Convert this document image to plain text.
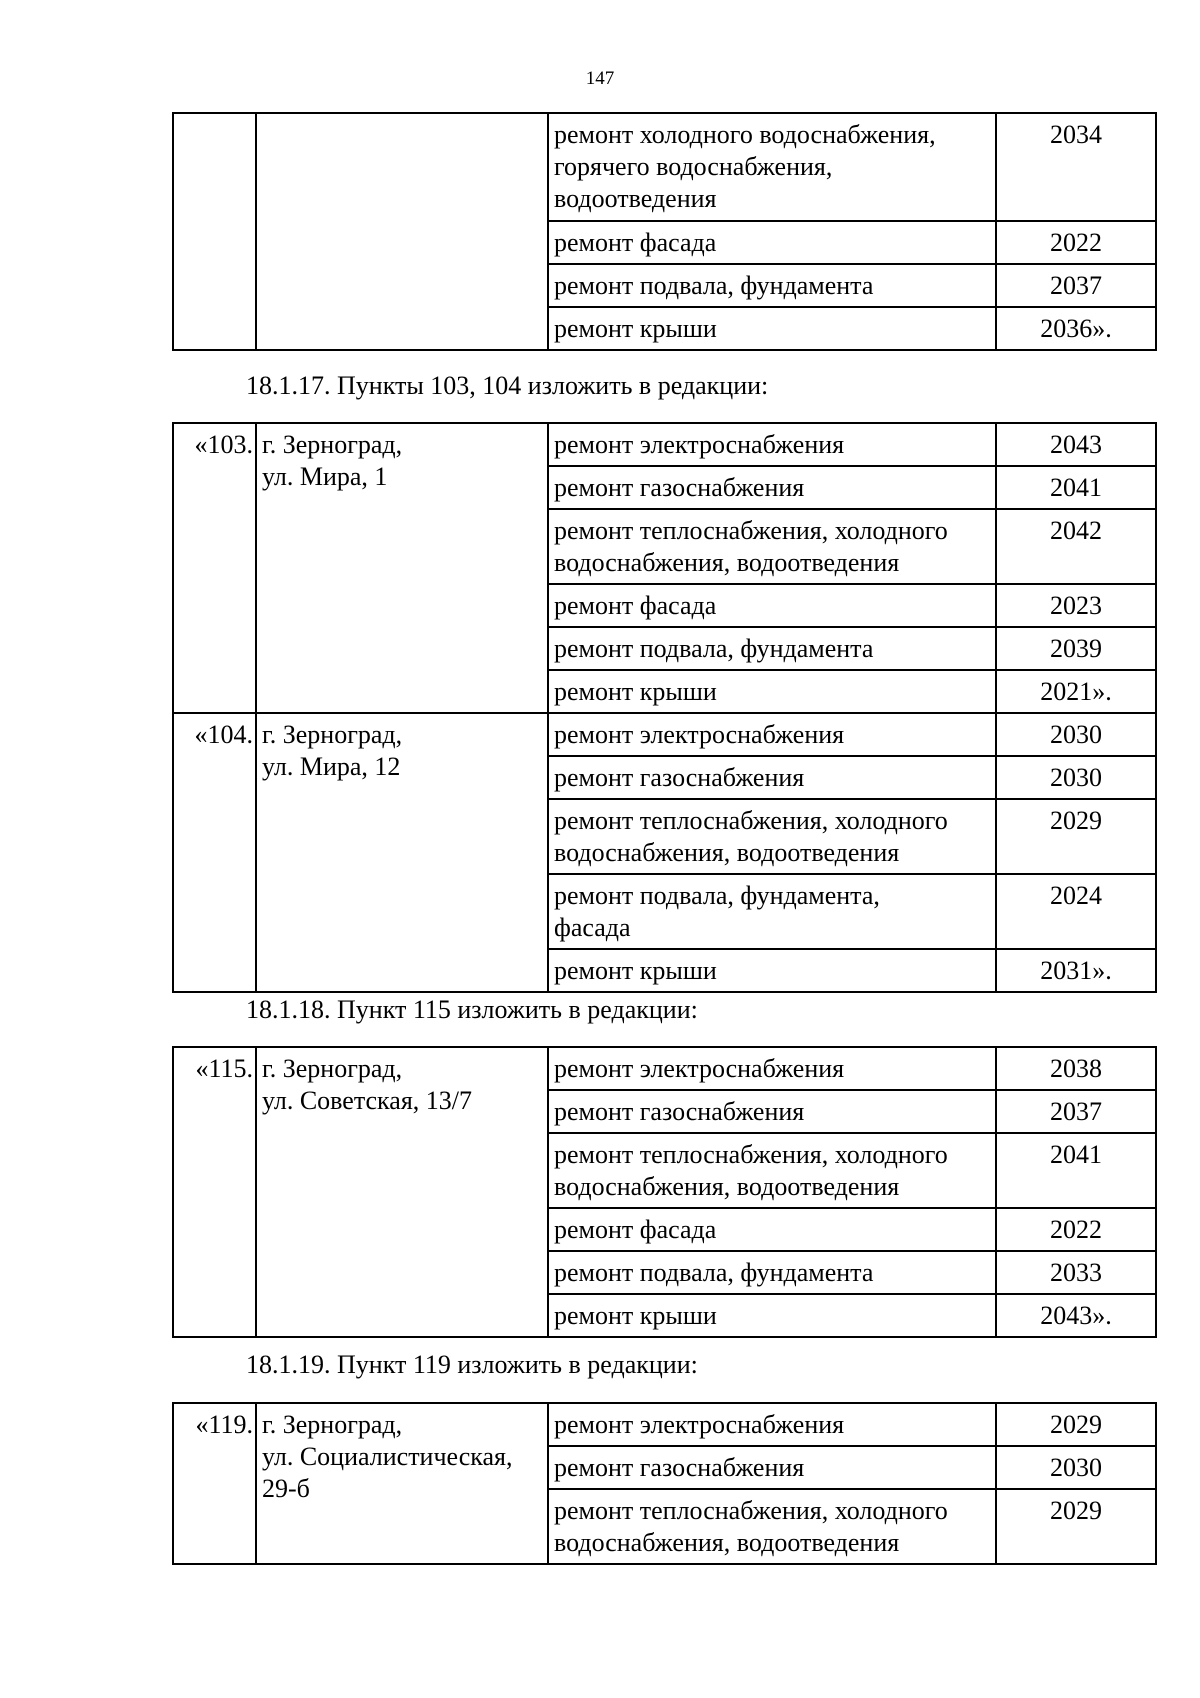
147

		ремонт холодного водоснабжения,
горячего водоснабжения,
водоотведения	2034
		ремонт фасада	2022
		ремонт подвала, фундамента	2037
		ремонт крыши	2036».
18.1.17. Пункты 103, 104 изложить в редакции:
«103.	г. Зерноград,
ул. Мира, 1	ремонт электроснабжения	2043
		ремонт газоснабжения	2041

		ремонт теплоснабжения, холодного
водоснабжения, водоотведения	2042
		ремонт фасада	2023
		ремонт подвала, фундамента	2039
		ремонт крыши	2021».
«104.	г. Зерноград,
ул. Мира, 12	ремонт электроснабжения	2030
		ремонт газоснабжения	2030

		ремонт теплоснабжения, холодного
водоснабжения, водоотведения	2029

		ремонт подвала, фундамента,
фасада	2024
		ремонт крыши	2031».
18.1.18. Пункт 115 изложить в редакции:
«115.	г. Зерноград,
ул. Советская, 13/7	ремонт электроснабжения	2038
		ремонт газоснабжения	2037

		ремонт теплоснабжения, холодного
водоснабжения, водоотведения	2041
		ремонт фасада	2022
		ремонт подвала, фундамента	2033
		ремонт крыши	2043».
18.1.19. Пункт 119 изложить в редакции:
«119.	г. Зерноград,
ул. Социалистическая,
29-б	ремонт электроснабжения	2029
		ремонт газоснабжения	2030

		ремонт теплоснабжения, холодного
водоснабжения, водоотведения	2029
